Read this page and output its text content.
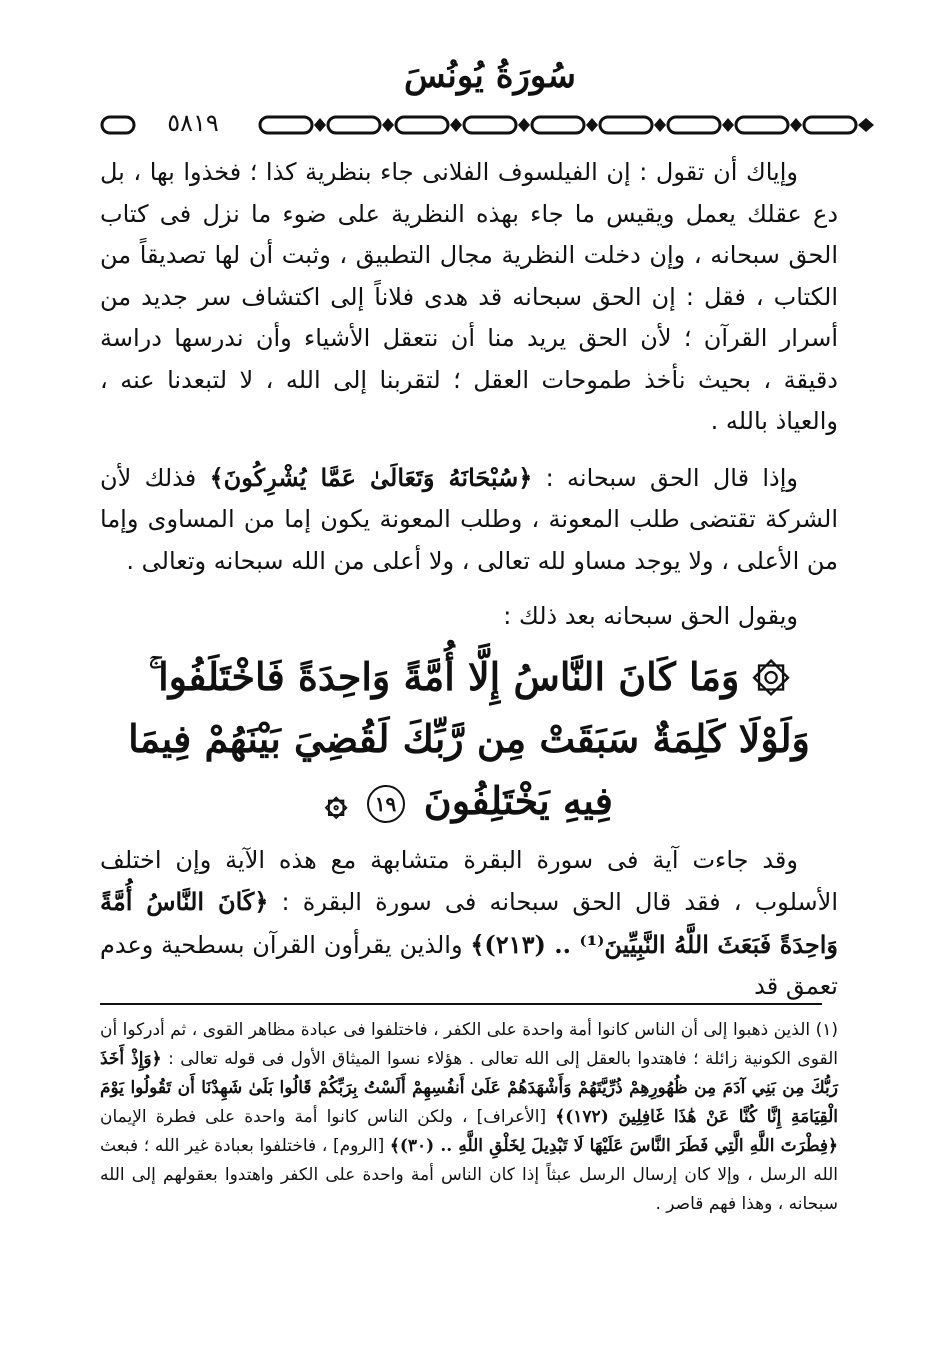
سُورَةُ يُونُسَ
٥٨١٩

وإياك أن تقول : إن الفيلسوف الفلانى جاء بنظرية كذا ؛ فخذوا بها ، بل دع عقلك يعمل ويقيس ما جاء بهذه النظرية على ضوء ما نزل فى كتاب الحق سبحانه ، وإن دخلت النظرية مجال التطبيق ، وثبت أن لها تصديقاً من الكتاب ، فقل : إن الحق سبحانه قد هدى فلاناً إلى اكتشاف سر جديد من أسرار القرآن ؛ لأن الحق يريد منا أن نتعقل الأشياء وأن ندرسها دراسة دقيقة ، بحيث نأخذ طموحات العقل ؛ لتقربنا إلى الله ، لا لتبعدنا عنه ، والعياذ بالله .

وإذا قال الحق سبحانه : ﴿سُبْحَانَهُ وَتَعَالَىٰ عَمَّا يُشْرِكُونَ﴾ فذلك لأن الشركة تقتضى طلب المعونة ، وطلب المعونة يكون إما من المساوى وإما من الأعلى ، ولا يوجد مساو لله تعالى ، ولا أعلى من الله سبحانه وتعالى .

ويقول الحق سبحانه بعد ذلك :

۞ وَمَا كَانَ النَّاسُ إِلَّا أُمَّةً وَاحِدَةً فَاخْتَلَفُوا ۚ وَلَوْلَا كَلِمَةٌ سَبَقَتْ مِن رَّبِّكَ لَقُضِيَ بَيْنَهُمْ فِيمَا فِيهِ يَخْتَلِفُونَ ١٩ ۞

وقد جاءت آية فى سورة البقرة متشابهة مع هذه الآية وإن اختلف الأسلوب ، فقد قال الحق سبحانه فى سورة البقرة : ﴿كَانَ النَّاسُ أُمَّةً وَاحِدَةً فَبَعَثَ اللَّهُ النَّبِيِّينَ⁽¹⁾ .. (٢١٣)﴾ والذين يقرأون القرآن بسطحية وعدم تعمق قد

(١) الذين ذهبوا إلى أن الناس كانوا أمة واحدة على الكفر ، فاختلفوا فى عبادة مظاهر القوى ، ثم أدركوا أن القوى الكونية زائلة ؛ فاهتدوا بالعقل إلى الله تعالى . هؤلاء نسوا الميثاق الأول فى قوله تعالى : ﴿وَإِذْ أَخَذَ رَبُّكَ مِن بَنِي آدَمَ مِن ظُهُورِهِمْ ذُرِّيَّتَهُمْ وَأَشْهَدَهُمْ عَلَىٰ أَنفُسِهِمْ أَلَسْتُ بِرَبِّكُمْ قَالُوا بَلَىٰ شَهِدْنَا أَن تَقُولُوا يَوْمَ الْقِيَامَةِ إِنَّا كُنَّا عَنْ هَٰذَا غَافِلِينَ (١٧٢)﴾ [الأعراف] ، ولكن الناس كانوا أمة واحدة على فطرة الإيمان ﴿فِطْرَتَ اللَّهِ الَّتِي فَطَرَ النَّاسَ عَلَيْهَا لَا تَبْدِيلَ لِخَلْقِ اللَّهِ .. (٣٠)﴾ [الروم] ، فاختلفوا بعبادة غير الله ؛ فبعث الله الرسل ، وإلا كان إرسال الرسل عبثاً إذا كان الناس أمة واحدة على الكفر واهتدوا بعقولهم إلى الله سبحانه ، وهذا فهم قاصر .
